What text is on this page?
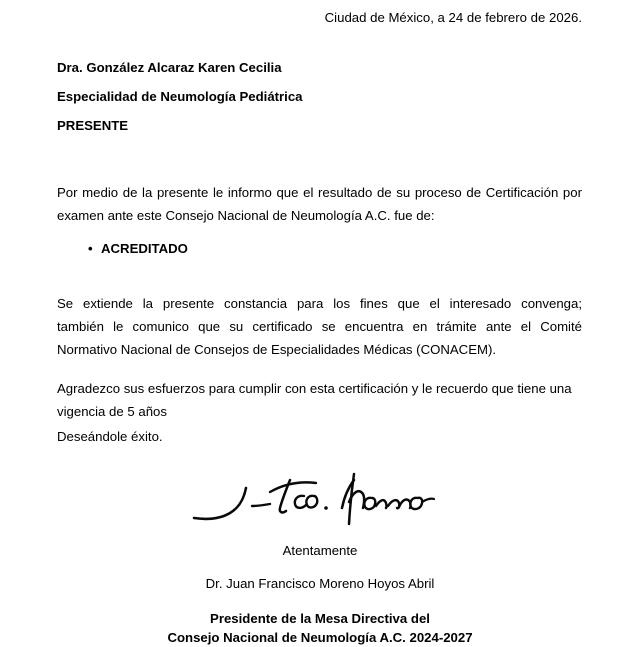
Ciudad de México, a 24 de febrero de 2026.
Dra. González Alcaraz Karen Cecilia
Especialidad de Neumología Pediátrica
PRESENTE

Por medio de la presente le informo que el resultado de su proceso de Certificación por examen ante este Consejo Nacional de Neumología A.C. fue de:

• ACREDITADO
Se extiende la presente constancia para los fines que el interesado convenga;
también le comunico que su certificado se encuentra en trámite ante el Comité
Normativo Nacional de Consejos de Especialidades Médicas (CONACEM).

Agradezco sus esfuerzos para cumplir con esta certificación y le recuerdo que tiene una vigencia de 5 años

Deseándole éxito.
Atentamente
Dr. Juan Francisco Moreno Hoyos Abril
Presidente de la Mesa Directiva del
Consejo Nacional de Neumología A.C. 2024-2027
